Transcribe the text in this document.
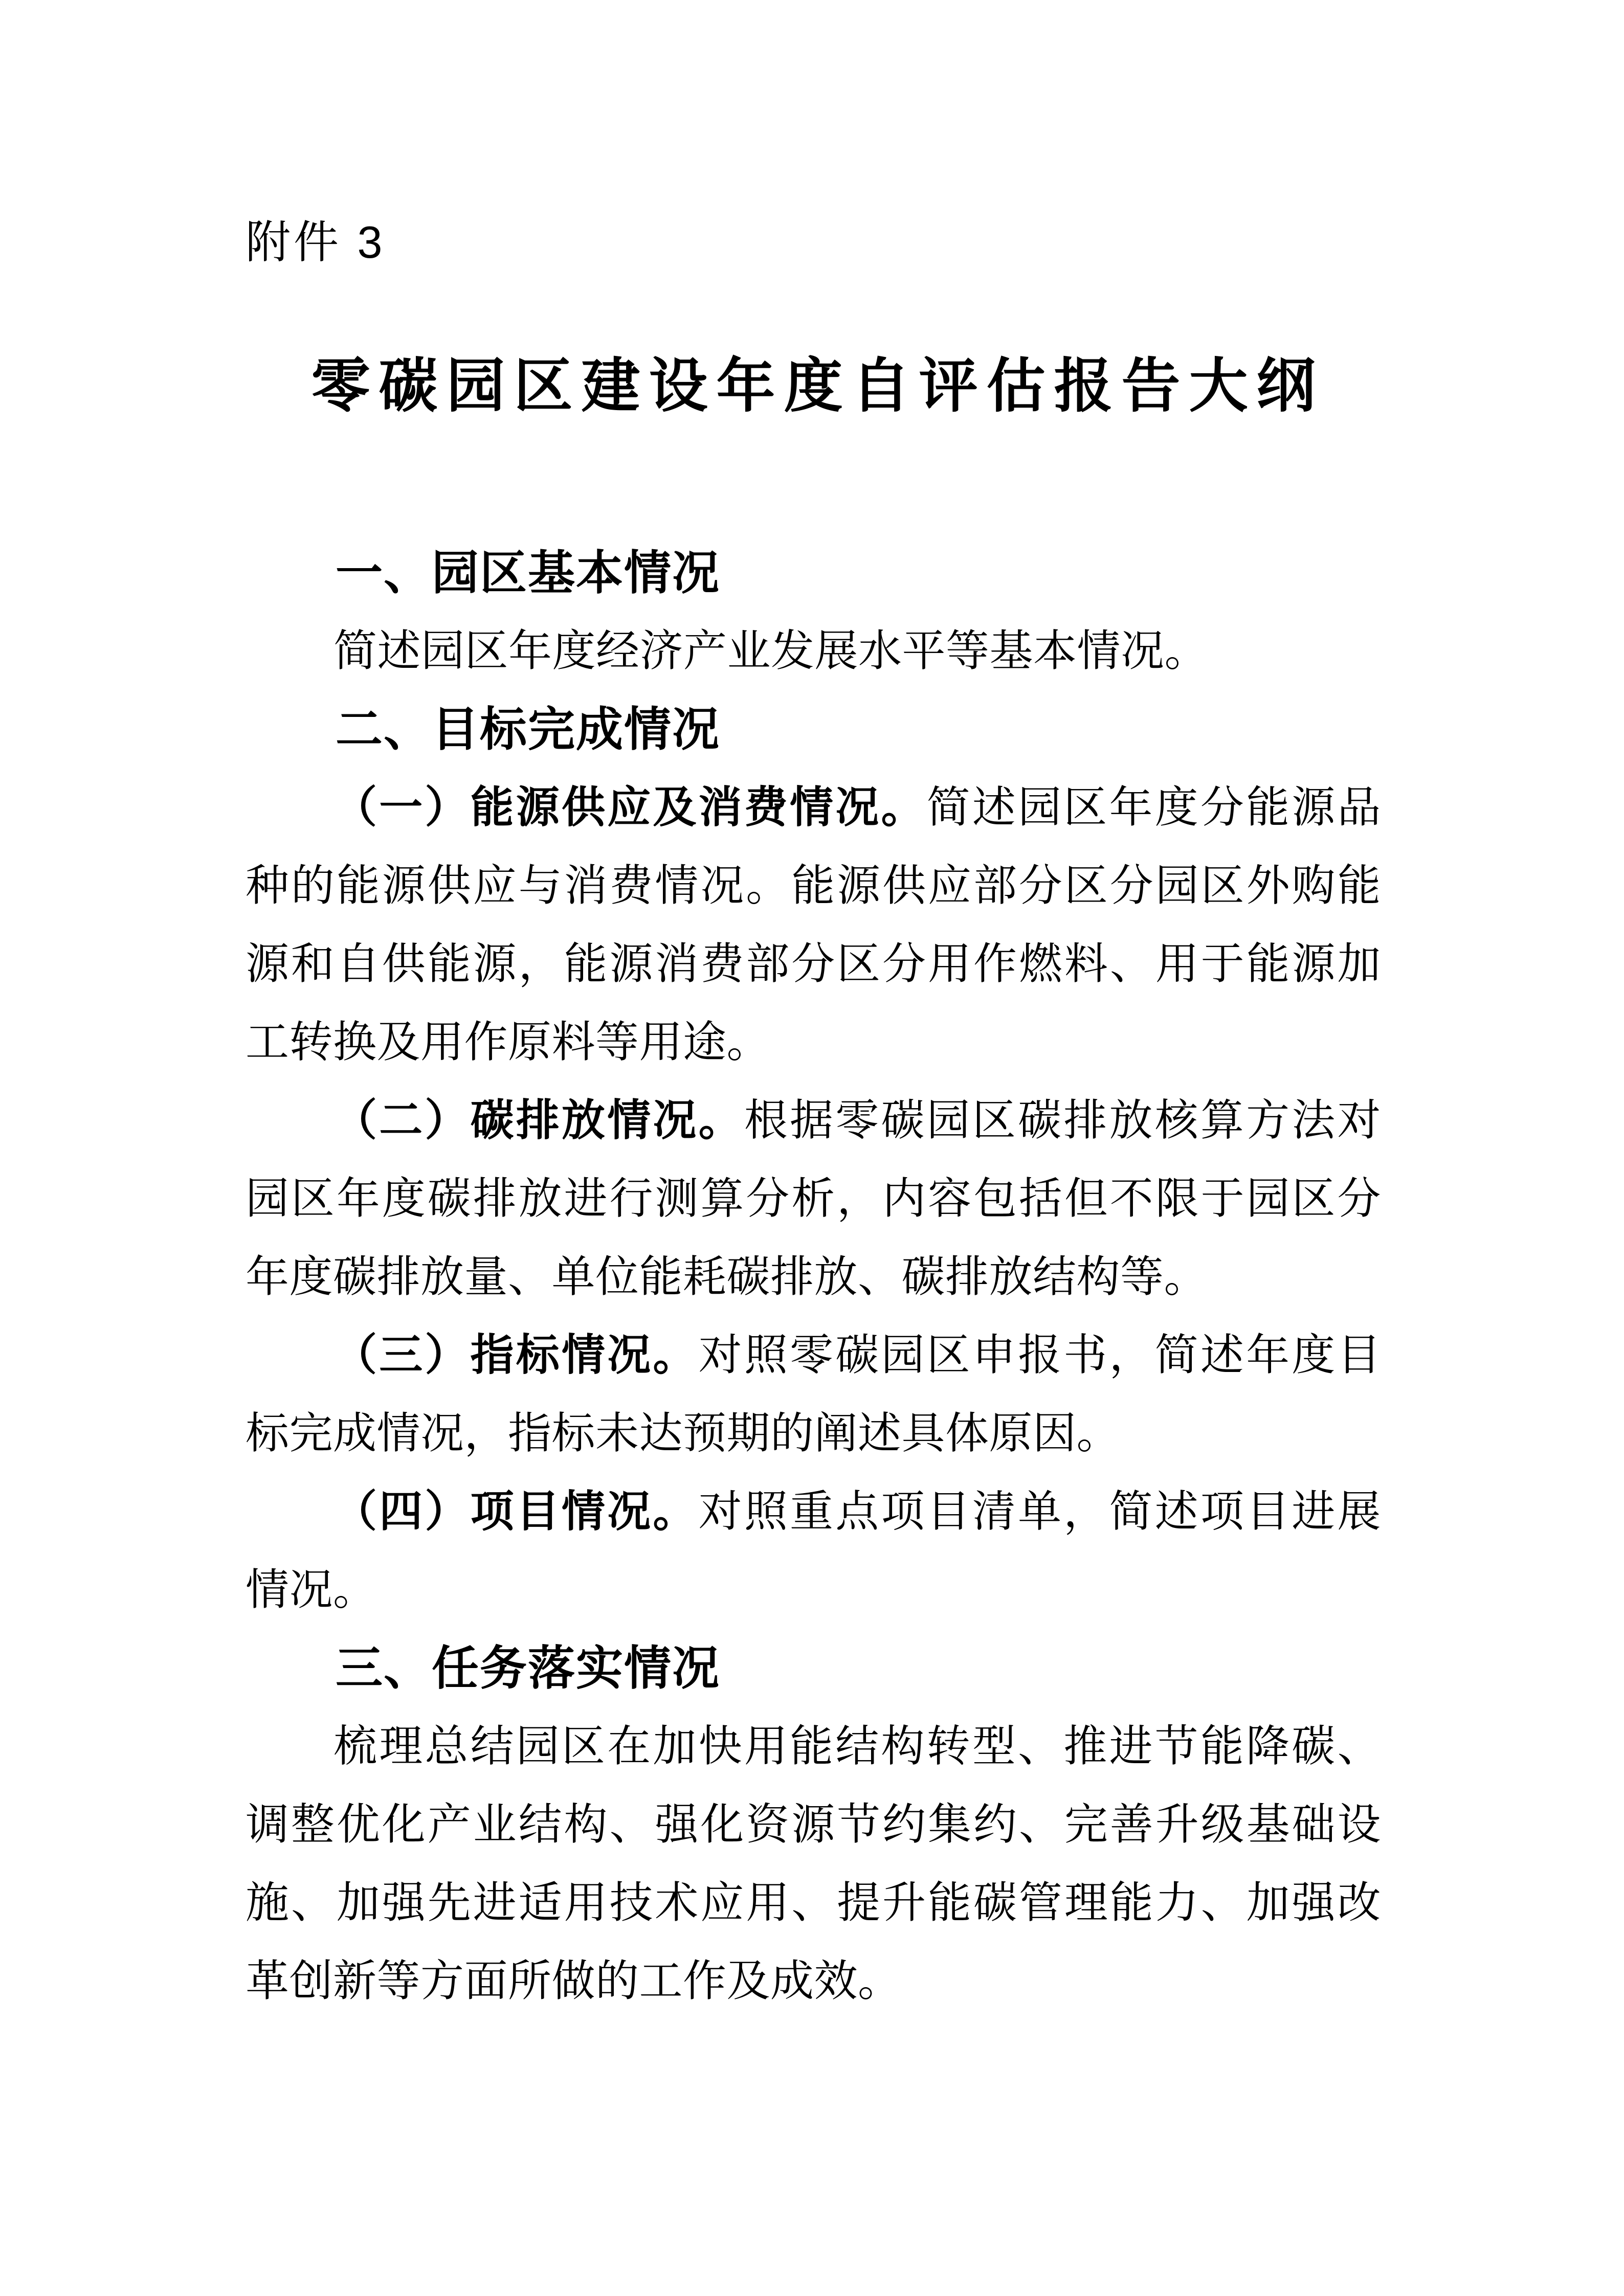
附件 3

零碳园区建设年度自评估报告大纲
一、园区基本情况

简述园区年度经济产业发展水平等基本情况。

二、目标完成情况

（一）能源供应及消费情况。简述园区年度分能源品种的能源供应与消费情况。能源供应部分区分园区外购能源和自供能源，能源消费部分区分用作燃料、用于能源加工转换及用作原料等用途。

（二）碳排放情况。根据零碳园区碳排放核算方法对园区年度碳排放进行测算分析，内容包括但不限于园区分年度碳排放量、单位能耗碳排放、碳排放结构等。

（三）指标情况。对照零碳园区申报书，简述年度目标完成情况，指标未达预期的阐述具体原因。

（四）项目情况。对照重点项目清单，简述项目进展情况。

三、任务落实情况

梳理总结园区在加快用能结构转型、推进节能降碳、调整优化产业结构、强化资源节约集约、完善升级基础设施、加强先进适用技术应用、提升能碳管理能力、加强改革创新等方面所做的工作及成效。
